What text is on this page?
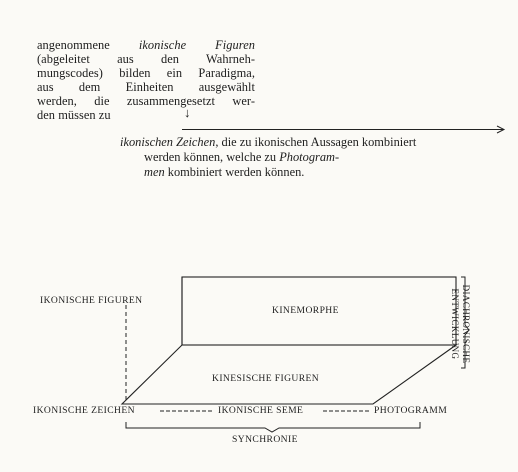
angenommene ikonische Figuren
(abgeleitet aus den Wahrneh-
mungscodes) bilden ein Paradigma,
aus dem Einheiten ausgewählt
werden, die zusammengesetzt wer-
den müssen zu	↓
ikonischen Zeichen, die zu ikonischen Aussagen kombiniert
werden können, welche zu Photogram-
men kombiniert werden können.
IKONISCHE FIGUREN
KINEMORPHE
KINESISCHE FIGUREN
IKONISCHE ZEICHEN	IKONISCHE SEME	PHOTOGRAMM
SYNCHRONIE
DIACHRONISCHE
ENTWICKLUNG
